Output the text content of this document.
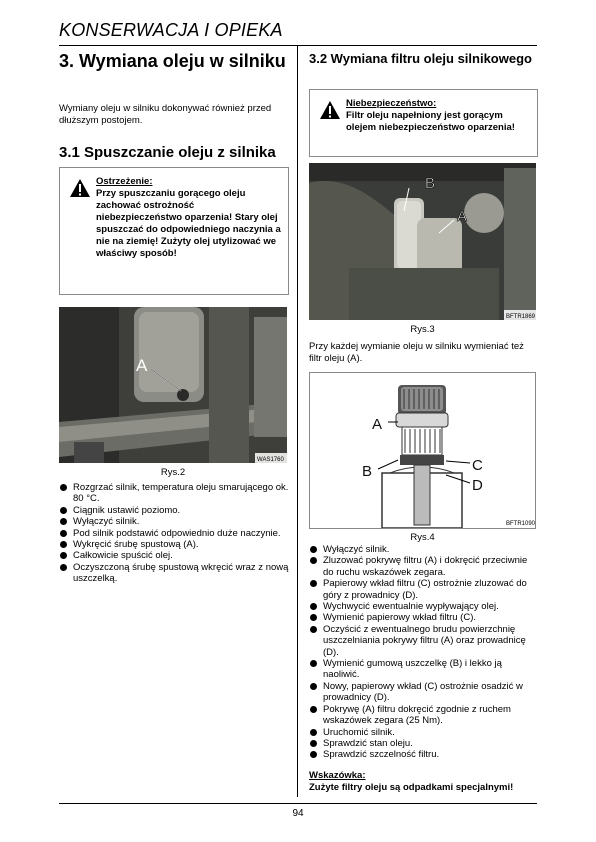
KONSERWACJA I OPIEKA
3. Wymiana oleju w silniku
Wymiany oleju w silniku dokonywać również przed dłuższym postojem.
3.1 Spuszczanie oleju z silnika
Ostrzeżenie:
Przy spuszczaniu gorącego oleju zachować ostrożność niebezpieczeństwo oparzenia! Stary olej spuszczać do odpowiedniego naczynia a nie na ziemię! Zużyty olej utylizować we właściwy sposób!
A
WAS1760
Rys.2
Rozgrzać silnik, temperatura oleju smarującego ok. 80 °C.
Ciągnik ustawić poziomo.
Wyłączyć silnik.
Pod silnik podstawić odpowiednio duże naczynie.
Wykręcić śrubę spustową (A).
Całkowicie spuścić olej.
Oczyszczoną śrubę spustową wkręcić wraz z nową uszczelką.
3.2 Wymiana filtru oleju silnikowego
Niebezpieczeństwo:
Filtr oleju napełniony jest gorącym olejem niebezpieczeństwo oparzenia!
B
A
BFTR1869
Rys.3
Przy każdej wymianie oleju w silniku wymieniać też filtr oleju (A).
A
B	C
D
BFTR1090
Rys.4
Wyłączyć silnik.
Zluzować pokrywę filtru (A) i dokręcić przeciwnie do ruchu wskazówek zegara.
Papierowy wkład filtru (C) ostrożnie zluzować do góry z prowadnicy (D).
Wychwycić ewentualnie wypływający olej.
Wymienić papierowy wkład filtru (C).
Oczyścić z ewentualnego brudu powierzchnię uszczelniania pokrywy filtru (A) oraz prowadnicę (D).
Wymienić gumową uszczelkę (B) i lekko ją naoliwić.
Nowy, papierowy wkład (C) ostrożnie osadzić w prowadnicy (D).
Pokrywę (A) filtru dokręcić zgodnie z ruchem wskazówek zegara (25 Nm).
Uruchomić silnik.
Sprawdzić stan oleju.
Sprawdzić szczelność filtru.
Wskazówka:
Zużyte filtry oleju są odpadkami specjalnymi!
94
